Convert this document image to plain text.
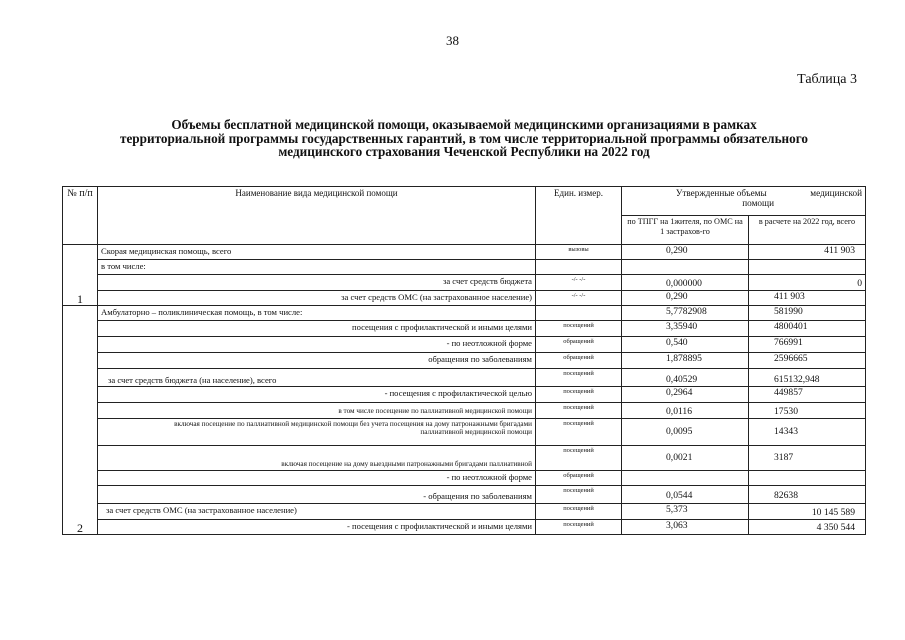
38
Таблица 3
Объемы бесплатной медицинской помощи, оказываемой медицинскими организациями в рамках
территориальной программы государственных гарантий, в том числе территориальной программы обязательного
медицинского страхования Чеченской Республики на 2022 год
№ п/п	Наименование вида медицинской помощи	Един. измер.	Утвержденные объемы медицинской
помощи	
			по ТПГГ на 1жителя, по ОМС на 1 застрахов-го	в расчете на 2022 год, всего
1	Скорая медицинская помощь, всего	вызовы	0,290	411 903
	в том числе:			
	за счет средств бюджета	-/- -/-	0,000000	0
	за счет средств ОМС (на застрахованное население)	-/- -/-	0,290	411 903
2	Амбулаторно – поликлиническая помощь, в том числе:		5,7782908	581990
	посещения с профилактической и иными целями	посещений	3,35940	4800401
	- по неотложной форме	обращений	0,540	766991
	обращения по заболеваниям	обращений	1,878895	2596665
	за счет средств бюджета (на население), всего	посещений	0,40529	615132,948
	- посещения с профилактической целью	посещений	0,2964	449857
	в том числе посещение по паллиативной медицинской помощи	посещений	0,0116	17530
	включая посещение по паллиативной медицинской помощи без учета посещения на дому патронажными бригадами паллиативной медицинской помощи	посещений	0,0095	14343
	включая посещение на дому выездными патронажными бригадами паллиативной	посещений	0,0021	3187
	- по неотложной форме	обращений		
	- обращения по заболеваниям	посещений	0,0544	82638
	за счет средств ОМС (на застрахованное население)	посещений	5,373	10 145 589
	- посещения с профилактической и иными целями	посещений	3,063	4 350 544
